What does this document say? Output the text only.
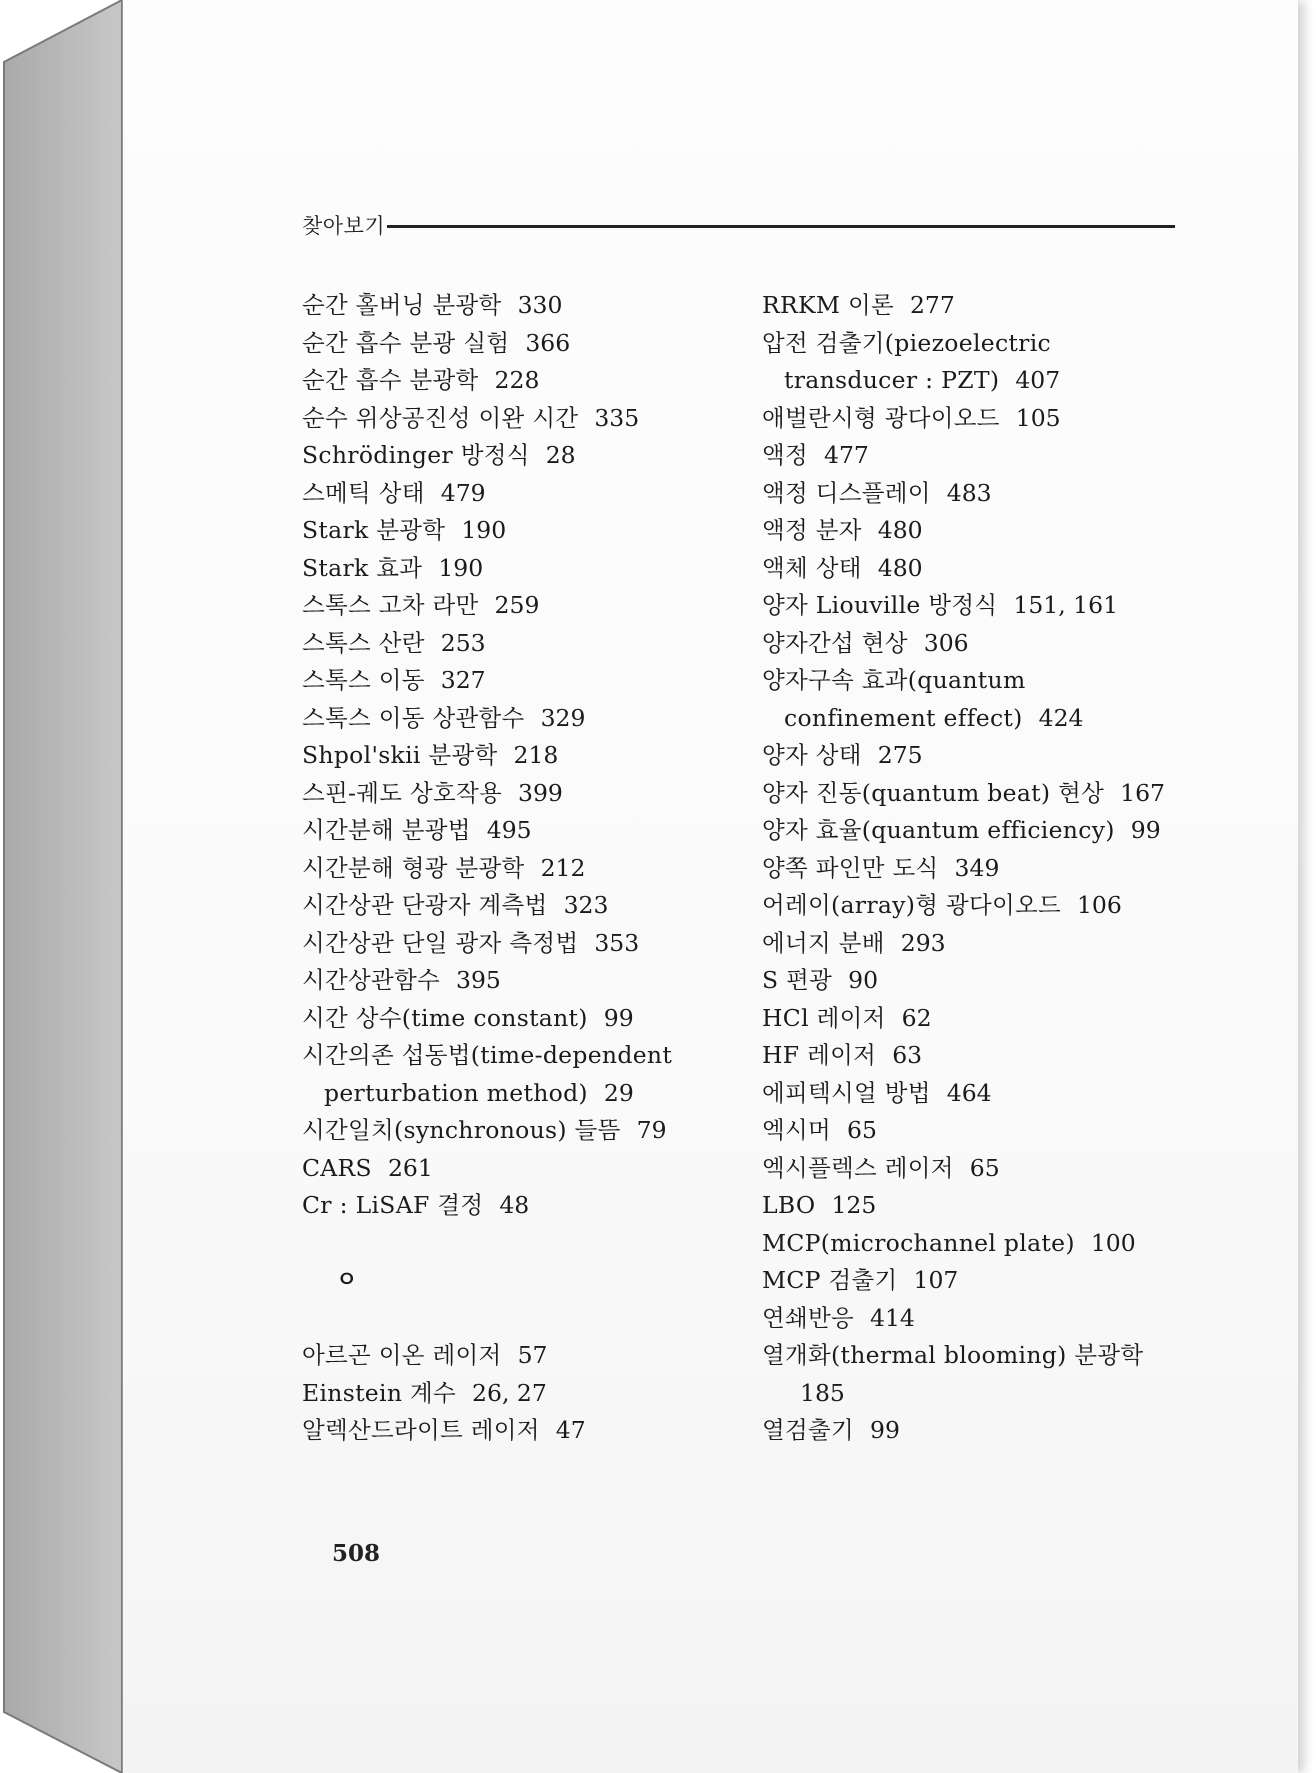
찾아보기
순간 홀버닝 분광학 330
순간 흡수 분광 실험 366
순간 흡수 분광학 228
순수 위상공진성 이완 시간 335
Schrödinger 방정식 28
스메틱 상태 479
Stark 분광학 190
Stark 효과 190
스톡스 고차 라만 259
스톡스 산란 253
스톡스 이동 327
스톡스 이동 상관함수 329
Shpol'skii 분광학 218
스핀-궤도 상호작용 399
시간분해 분광법 495
시간분해 형광 분광학 212
시간상관 단광자 계측법 323
시간상관 단일 광자 측정법 353
시간상관함수 395
시간 상수(time constant) 99
시간의존 섭동법(time-dependent perturbation method) 29
시간일치(synchronous) 들뜸 79
CARS 261
Cr : LiSAF 결정 48
ㅇ
아르곤 이온 레이저 57
Einstein 계수 26, 27
알렉산드라이트 레이저 47
RRKM 이론 277
압전 검출기(piezoelectric transducer : PZT) 407
애벌란시형 광다이오드 105
액정 477
액정 디스플레이 483
액정 분자 480
액체 상태 480
양자 Liouville 방정식 151, 161
양자간섭 현상 306
양자구속 효과(quantum confinement effect) 424
양자 상태 275
양자 진동(quantum beat) 현상 167
양자 효율(quantum efficiency) 99
양쪽 파인만 도식 349
어레이(array)형 광다이오드 106
에너지 분배 293
S 편광 90
HCl 레이저 62
HF 레이저 63
에피텍시얼 방법 464
엑시머 65
엑시플렉스 레이저 65
LBO 125
MCP(microchannel plate) 100
MCP 검출기 107
연쇄반응 414
열개화(thermal blooming) 분광학185
열검출기 99
508
